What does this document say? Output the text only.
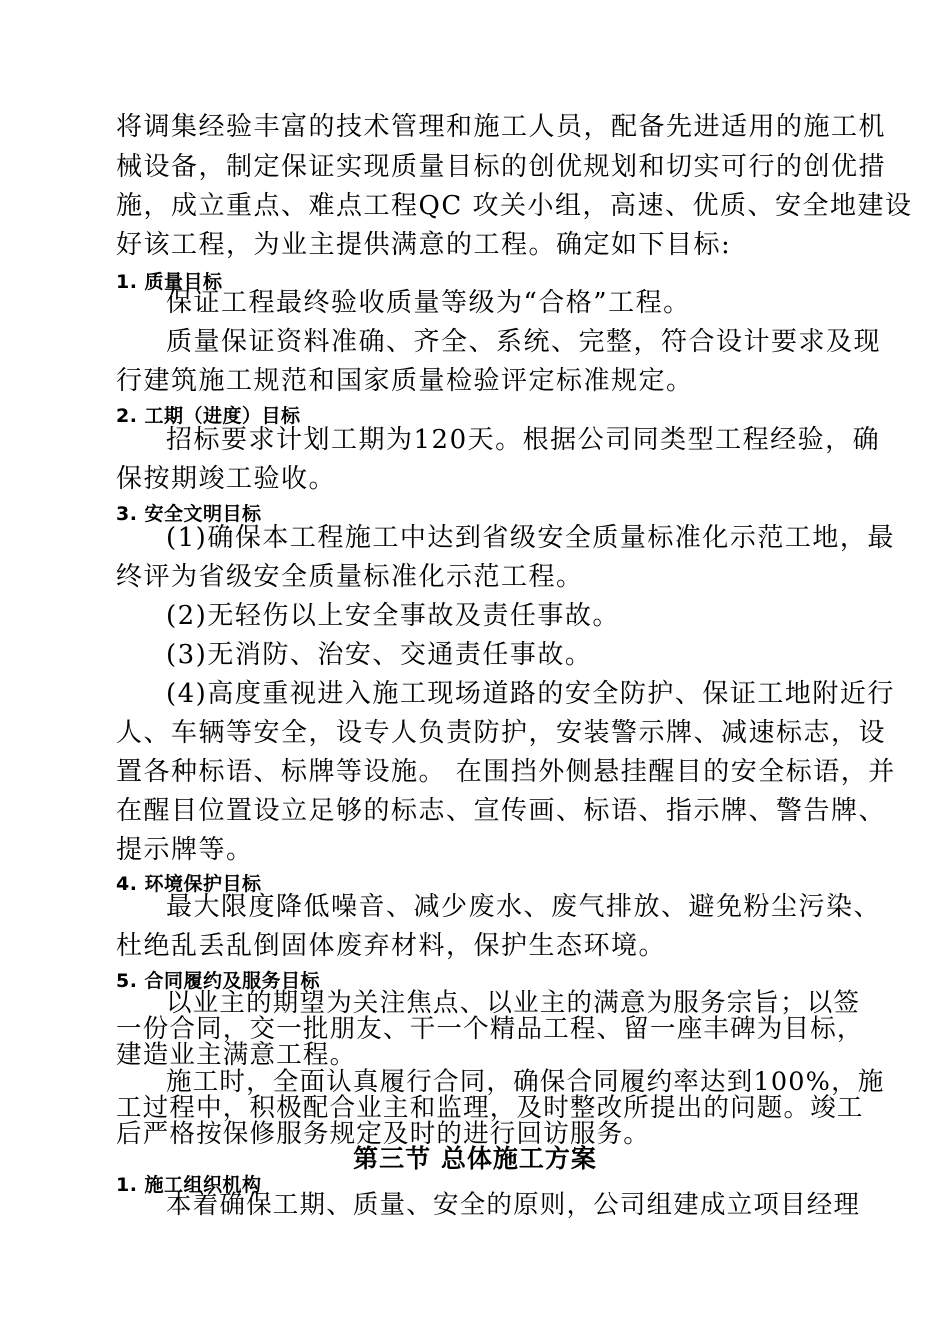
将调集经验丰富的技术管理和施工人员，配备先进适用的施工机
械设备，制定保证实现质量目标的创优规划和切实可行的创优措
施，成立重点、难点工程QC 攻关小组，高速、优质、安全地建设
好该工程，为业主提供满意的工程。确定如下目标:
1. 质量目标
保证工程最终验收质量等级为“合格”工程。
质量保证资料准确、齐全、系统、完整，符合设计要求及现
行建筑施工规范和国家质量检验评定标准规定。
2. 工期（进度）目标
招标要求计划工期为120天。根据公司同类型工程经验，确
保按期竣工验收。
3. 安全文明目标
(1)确保本工程施工中达到省级安全质量标准化示范工地，最
终评为省级安全质量标准化示范工程。
(2)无轻伤以上安全事故及责任事故。
(3)无消防、治安、交通责任事故。
(4)高度重视进入施工现场道路的安全防护、保证工地附近行
人、车辆等安全，设专人负责防护，安装警示牌、减速标志，设
置各种标语、标牌等设施。 在围挡外侧悬挂醒目的安全标语，并
在醒目位置设立足够的标志、宣传画、标语、指示牌、警告牌、
提示牌等。
4. 环境保护目标
最大限度降低噪音、减少废水、废气排放、避免粉尘污染、
杜绝乱丢乱倒固体废弃材料，保护生态环境。
5. 合同履约及服务目标
以业主的期望为关注焦点、以业主的满意为服务宗旨；以签
一份合同，交一批朋友、干一个精品工程、留一座丰碑为目标，
建造业主满意工程。
施工时，全面认真履行合同，确保合同履约率达到100%，施
工过程中，积极配合业主和监理，及时整改所提出的问题。竣工
后严格按保修服务规定及时的进行回访服务。
第三节 总体施工方案
1. 施工组织机构
本着确保工期、质量、安全的原则，公司组建成立项目经理
